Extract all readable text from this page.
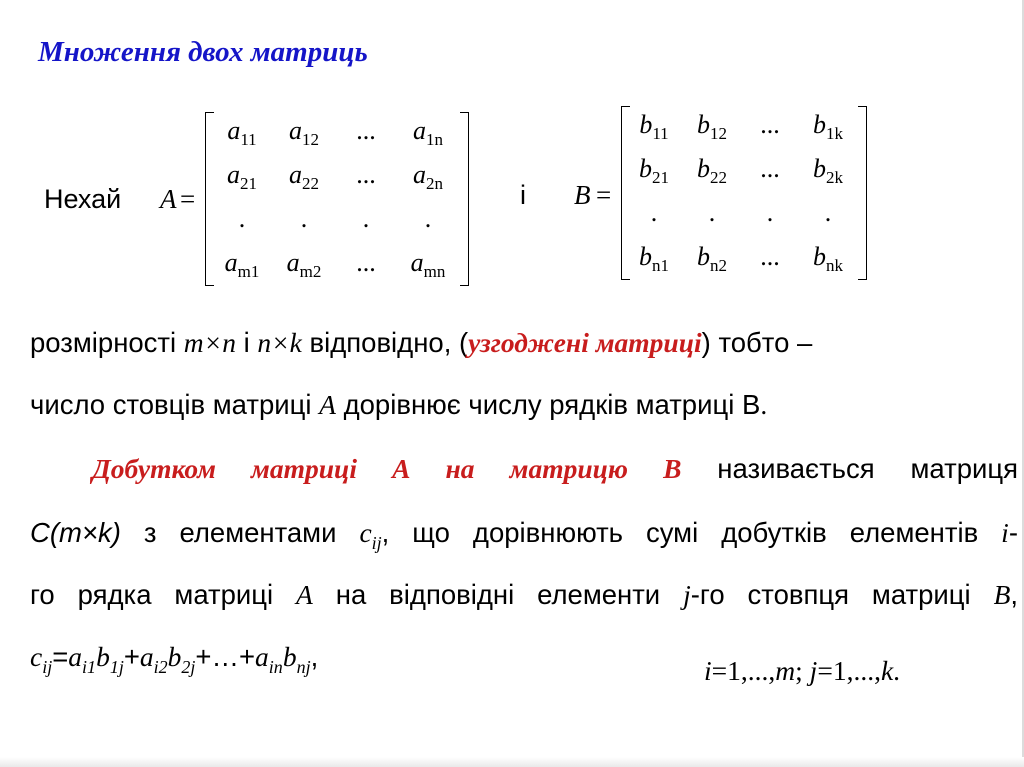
Множення двох матриць
Нехай A =	і B =
$a_{11}$	$a_{12}$	...	$a_{1n}$
$a_{21}$	$a_{22}$	...	$a_{2n}$
.	.	.	.
$a_{m1}$	$a_{m2}$	...	$a_{mn}$
$b_{11}$	$b_{12}$	...	$b_{1k}$
$b_{21}$	$b_{22}$	...	$b_{2k}$
.	.	.	.
$b_{n1}$	$b_{n2}$	...	$b_{nk}$
розмірності m×n і n×k відповідно, (узгоджені матриці) тобто –
число стовців матриці A дорівнює числу рядків матриці В.
Добутком матриці А на матрицю В називається матриця
C(m×k) з елементами $c_{ij}$, що дорівнюють сумі добутків елементів i-
го рядка матриці A на відповідні елементи j-го стовпця матриці B,
$c_{ij}=a_{i1}b_{1j}+a_{i2}b_{2j}+\dots+a_{in}b_{nj}$,	i=1,...,m; j=1,...,k.
